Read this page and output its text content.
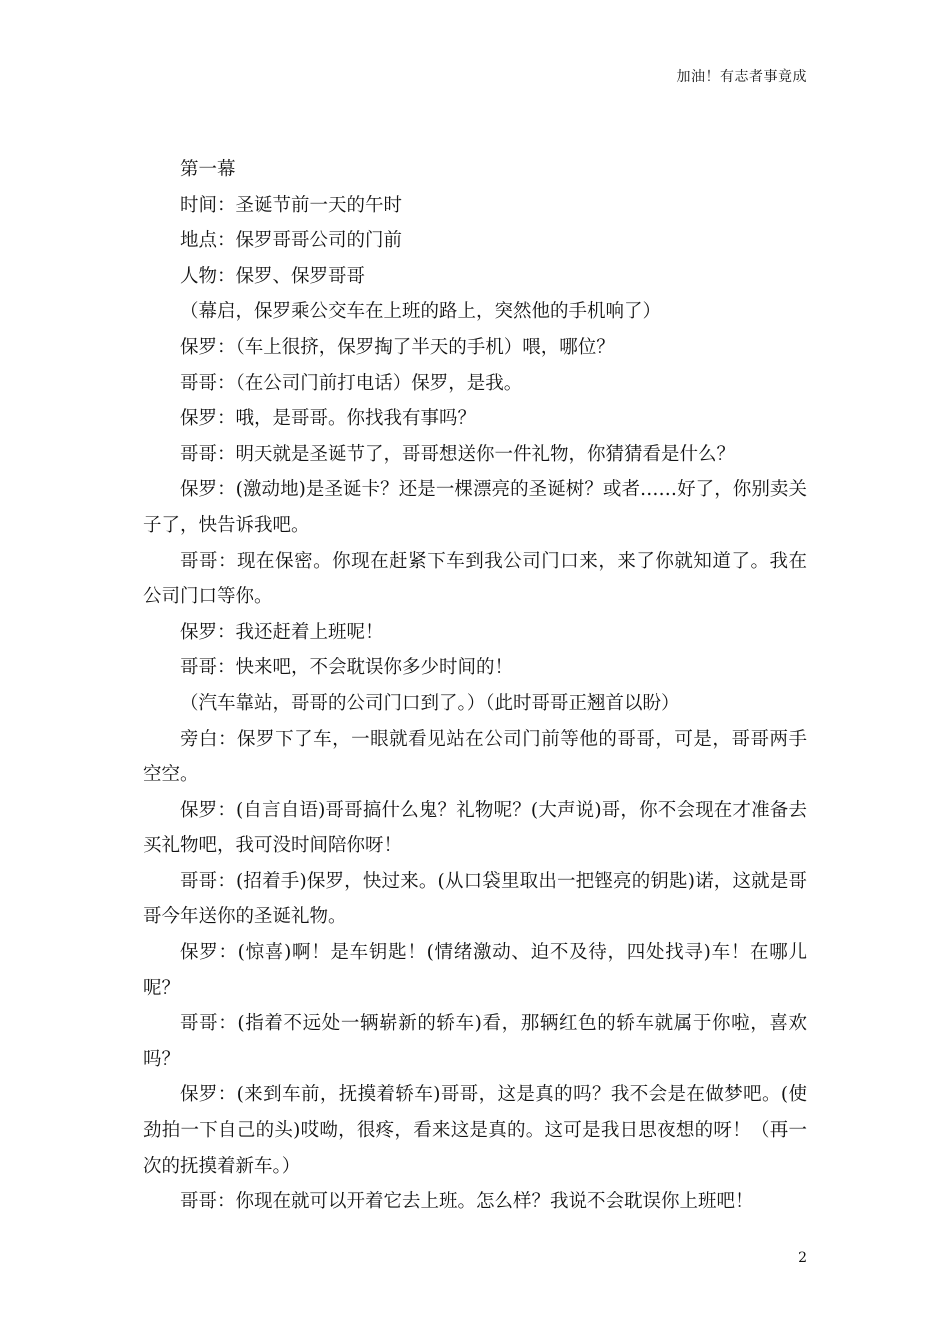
加油！有志者事竟成

第一幕

时间：圣诞节前一天的午时

地点：保罗哥哥公司的门前

人物：保罗、保罗哥哥

（幕启，保罗乘公交车在上班的路上，突然他的手机响了）

保罗：（车上很挤，保罗掏了半天的手机）喂，哪位？

哥哥：（在公司门前打电话）保罗，是我。

保罗：哦，是哥哥。你找我有事吗？

哥哥：明天就是圣诞节了，哥哥想送你一件礼物，你猜猜看是什么？

保罗：(激动地)是圣诞卡？还是一棵漂亮的圣诞树？或者……好了，你别卖关子了，快告诉我吧。

哥哥：现在保密。你现在赶紧下车到我公司门口来，来了你就知道了。我在公司门口等你。

保罗：我还赶着上班呢！

哥哥：快来吧，不会耽误你多少时间的！

（汽车靠站，哥哥的公司门口到了。）（此时哥哥正翘首以盼）

旁白：保罗下了车，一眼就看见站在公司门前等他的哥哥，可是，哥哥两手空空。

保罗：(自言自语)哥哥搞什么鬼？礼物呢？(大声说)哥，你不会现在才准备去买礼物吧，我可没时间陪你呀！

哥哥：(招着手)保罗，快过来。(从口袋里取出一把铿亮的钥匙)诺，这就是哥哥今年送你的圣诞礼物。

保罗：(惊喜)啊！是车钥匙！(情绪激动、迫不及待，四处找寻)车！在哪儿呢？

哥哥：(指着不远处一辆崭新的轿车)看，那辆红色的轿车就属于你啦，喜欢吗？

保罗：(来到车前，抚摸着轿车)哥哥，这是真的吗？我不会是在做梦吧。(使劲拍一下自己的头)哎呦，很疼，看来这是真的。这可是我日思夜想的呀！（再一次的抚摸着新车。）

哥哥：你现在就可以开着它去上班。怎么样？我说不会耽误你上班吧！

2
